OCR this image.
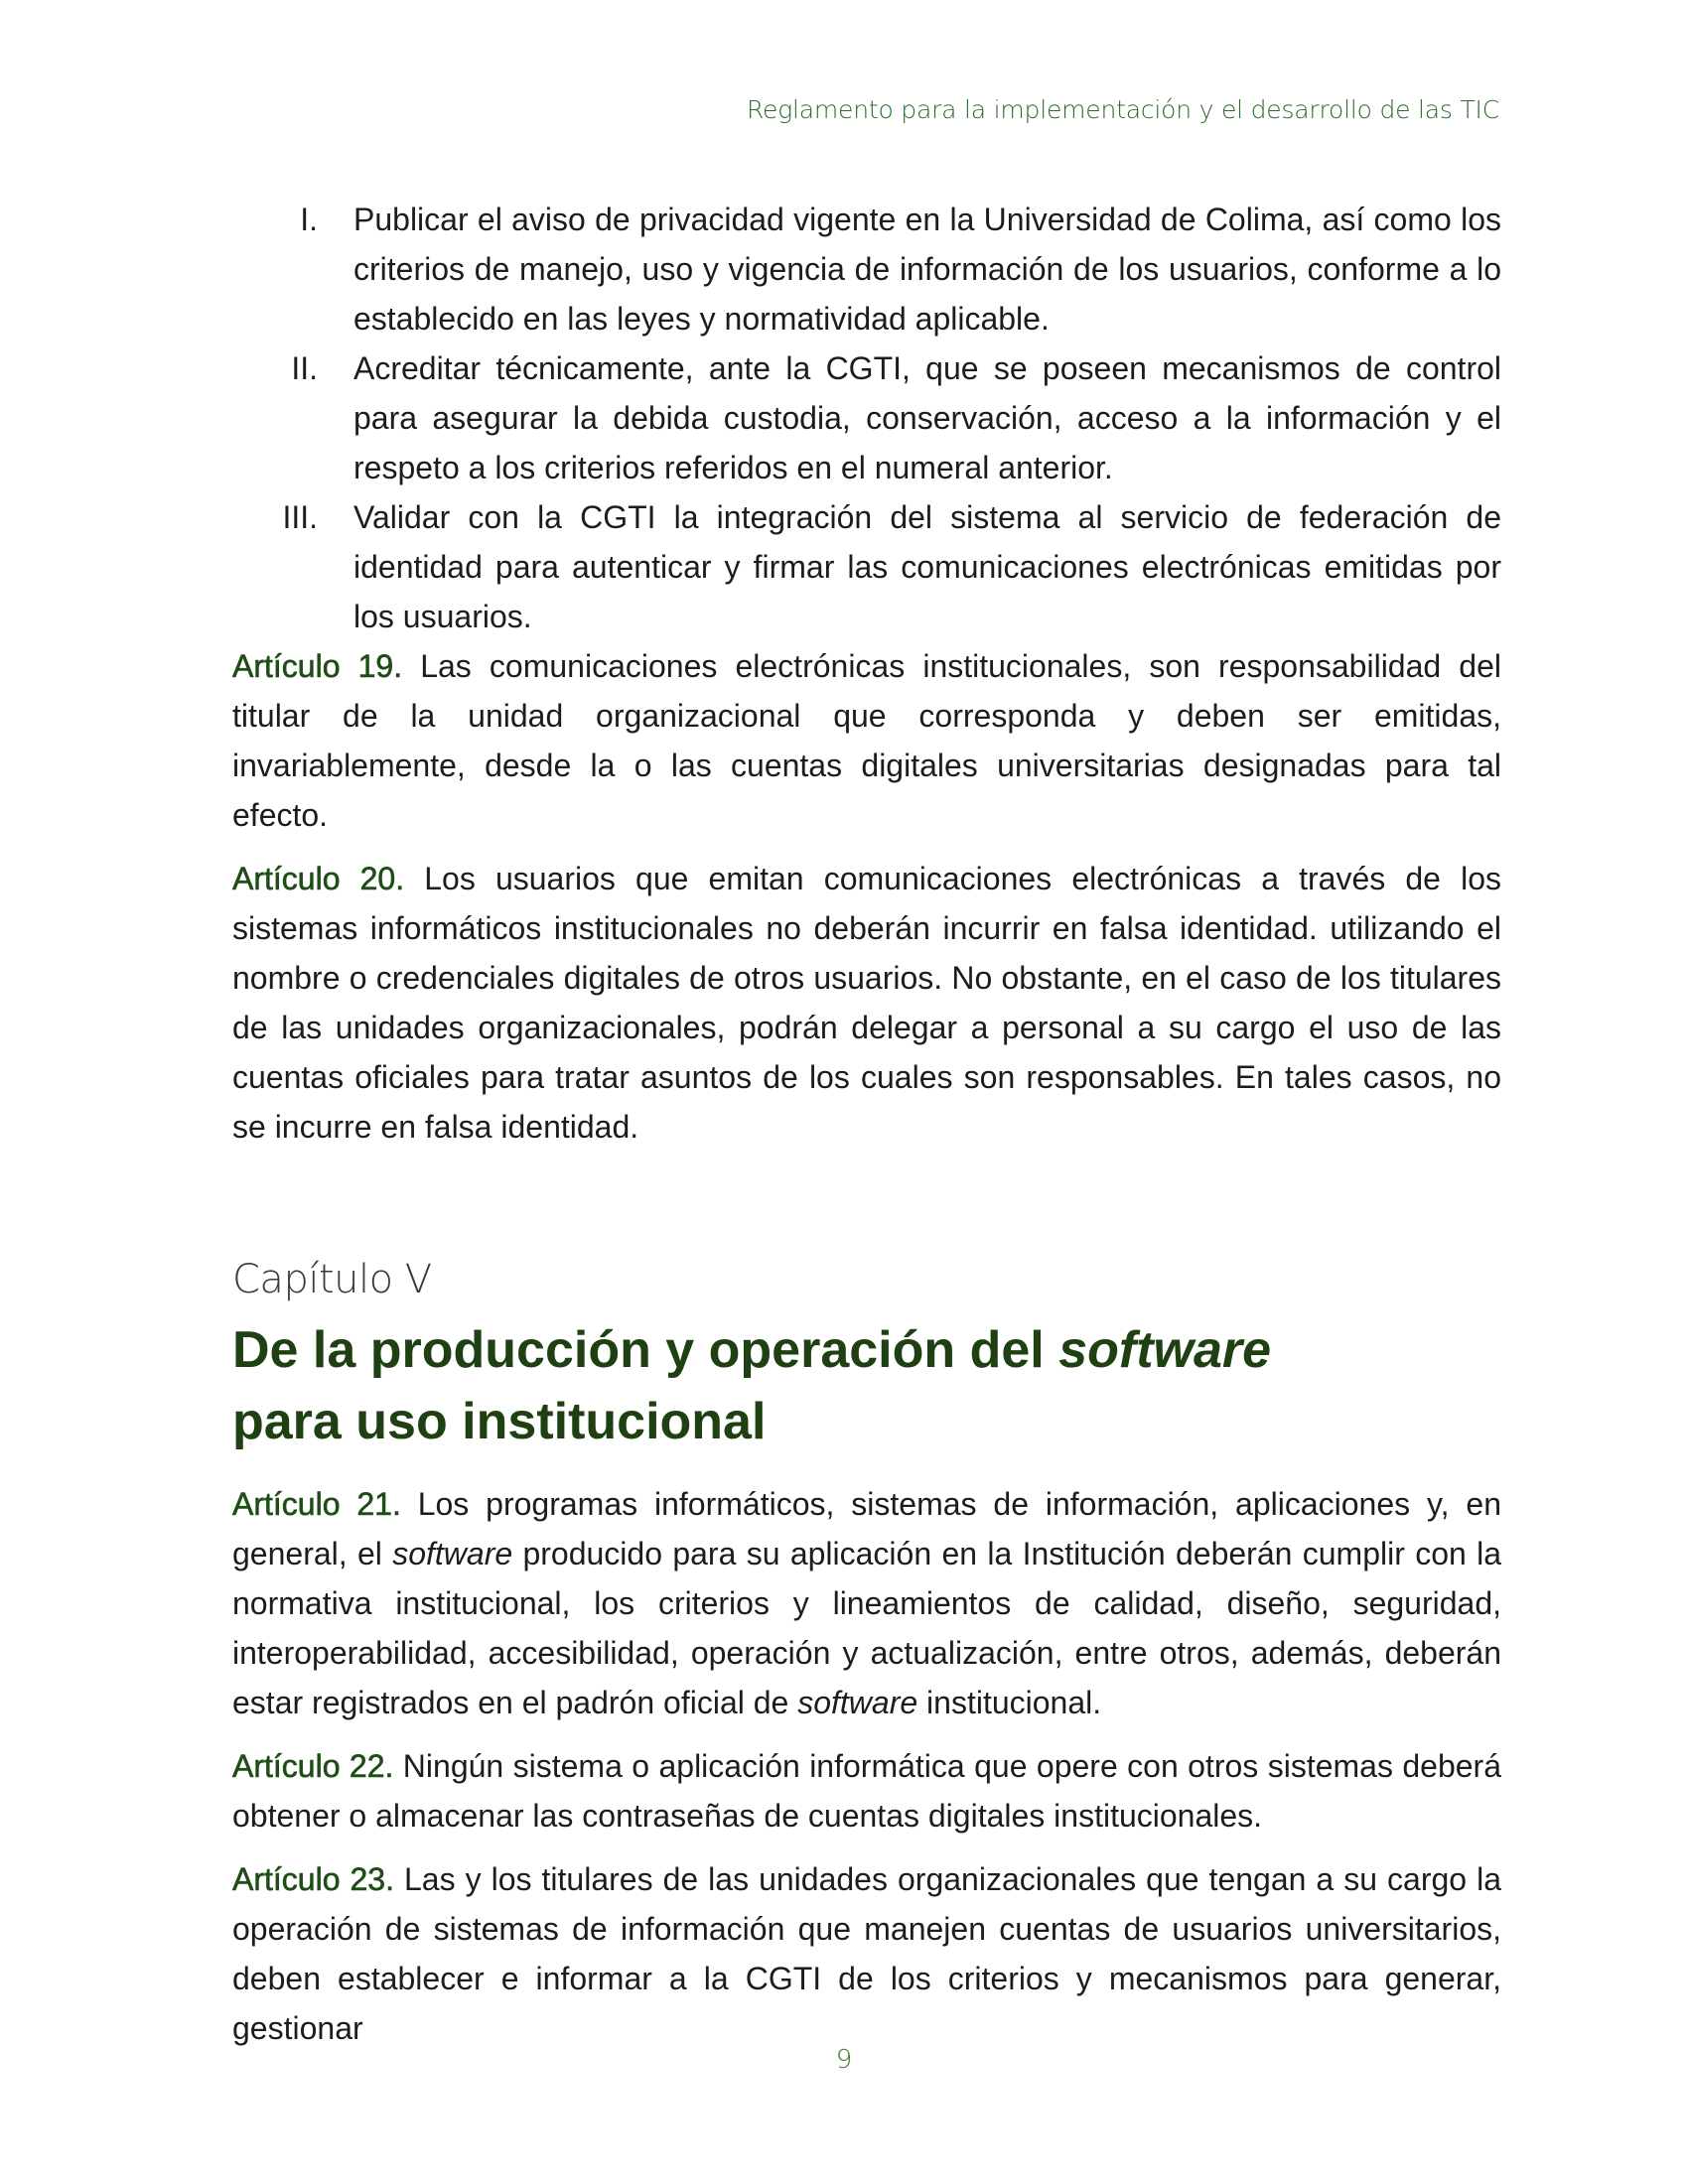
Reglamento para la implementación y el desarrollo de las TIC
I.	Publicar el aviso de privacidad vigente en la Universidad de Colima, así como los criterios de manejo, uso y vigencia de información de los usuarios, conforme a lo establecido en las leyes y normatividad aplicable.
II.	Acreditar técnicamente, ante la CGTI, que se poseen mecanismos de control para asegurar la debida custodia, conservación, acceso a la información y el respeto a los criterios referidos en el numeral anterior.
III.	Validar con la CGTI la integración del sistema al servicio de federación de identidad para autenticar y firmar las comunicaciones electrónicas emitidas por los usuarios.

Artículo 19. Las comunicaciones electrónicas institucionales, son responsabilidad del titular de la unidad organizacional que corresponda y deben ser emitidas, invariablemente, desde la o las cuentas digitales universitarias designadas para tal efecto.

Artículo 20. Los usuarios que emitan comunicaciones electrónicas a través de los sistemas informáticos institucionales no deberán incurrir en falsa identidad. utilizando el nombre o credenciales digitales de otros usuarios. No obstante, en el caso de los titulares de las unidades organizacionales, podrán delegar a personal a su cargo el uso de las cuentas oficiales para tratar asuntos de los cuales son responsables. En tales casos, no se incurre en falsa identidad.

Capítulo V
De la producción y operación del software
para uso institucional

Artículo 21. Los programas informáticos, sistemas de información, aplicaciones y, en general, el software producido para su aplicación en la Institución deberán cumplir con la normativa institucional, los criterios y lineamientos de calidad, diseño, seguridad, interoperabilidad, accesibilidad, operación y actualización, entre otros, además, deberán estar registrados en el padrón oficial de software institucional.

Artículo 22. Ningún sistema o aplicación informática que opere con otros sistemas deberá obtener o almacenar las contraseñas de cuentas digitales institucionales.

Artículo 23. Las y los titulares de las unidades organizacionales que tengan a su cargo la operación de sistemas de información que manejen cuentas de usuarios universitarios, deben establecer e informar a la CGTI de los criterios y mecanismos para generar, gestionar

9
